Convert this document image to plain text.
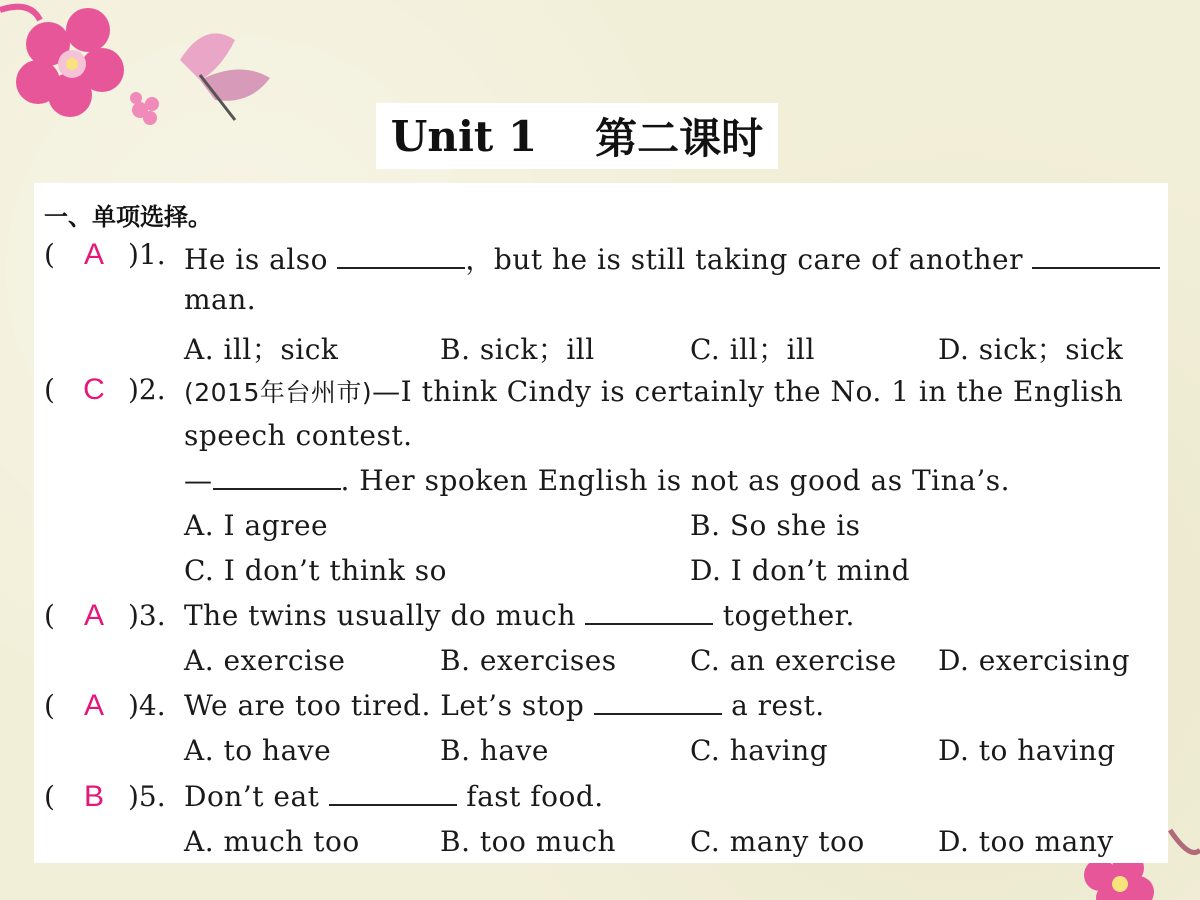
Unit 1 第二课时
一、单项选择。
( A )1. He is also	，but he is still taking care of another
man.
A. ill；sick	B. sick；ill	C. ill；ill	D. sick；sick
( C )2. (2015年台州市)—I think Cindy is certainly the No. 1 in the English
speech contest.
—	. Her spoken English is not as good as Tina’s.
A. I agree	B. So she is
C. I don’t think so	D. I don’t mind
( A )3. The twins usually do much	together.
A. exercise	B. exercises	C. an exercise D. exercising
( A )4. We are too tired. Let’s stop	a rest.
A. to have	B. have	C. having	D. to having
( B )5. Don’t eat	fast food.
A. much too	B. too much	C. many too	D. too many
